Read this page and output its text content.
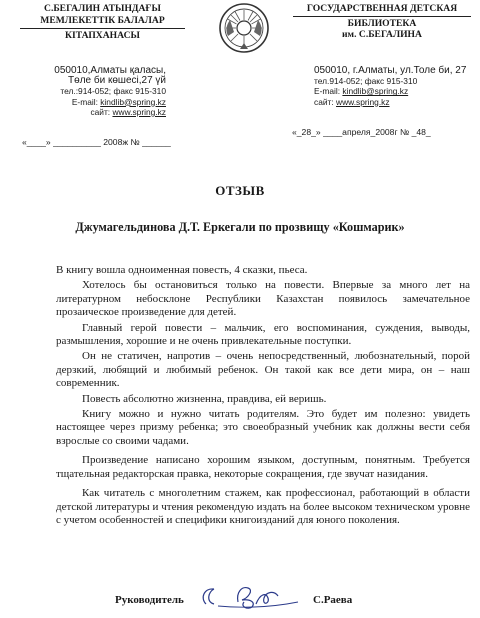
С.БЕГАЛИН АТЫНДАҒЫ
МЕМЛЕКЕТТІК БАЛАЛАР
КІТАПХАНАСЫ
ГОСУДАРСТВЕННАЯ ДЕТСКАЯ
БИБЛИОТЕКА
им. С.БЕГАЛИНА
050010,Алматы қаласы,
Төле би көшесі,27 үй
тел.:914-052; факс 915-310
E-mail: kindlib@spring.kz
сайт: www.spring.kz
050010, г.Алматы, ул.Толе би, 27
тел.914-052; факс 915-310
E-mail: kindlib@spring.kz
сайт: www.spring.kz
«____» __________ 2008ж № ______
«_28_» ____апреля_2008г № _48_
ОТЗЫВ
Джумагельдинова Д.Т. Еркегали по прозвищу «Кошмарик»

В книгу вошла одноименная повесть, 4 сказки, пьеса.

Хотелось бы остановиться только на повести. Впервые за много лет на литературном небосклоне Республики Казахстан появилось замечательное прозаическое произведение для детей.

Главный герой повести – мальчик, его воспоминания, суждения, выводы, размышления, хорошие и не очень привлекательные поступки.

Он не статичен, напротив – очень непосредственный, любознательный, порой дерзкий, любящий и любимый ребенок. Он такой как все дети мира, он – наш современник.

Повесть абсолютно жизненна, правдива, ей веришь.

Книгу можно и нужно читать родителям. Это будет им полезно: увидеть настоящее через призму ребенка; это своеобразный учебник как должны вести себя взрослые со своими чадами.

Произведение написано хорошим языком, доступным, понятным. Требуется тщательная редакторская правка, некоторые сокращения, где звучат назидания.

Как читатель с многолетним стажем, как профессионал, работающий в области детской литературы и чтения рекомендую издать на более высоком техническом уровне с учетом особенностей и специфики книгоизданий для юного поколения.

Руководитель	С.Раева
